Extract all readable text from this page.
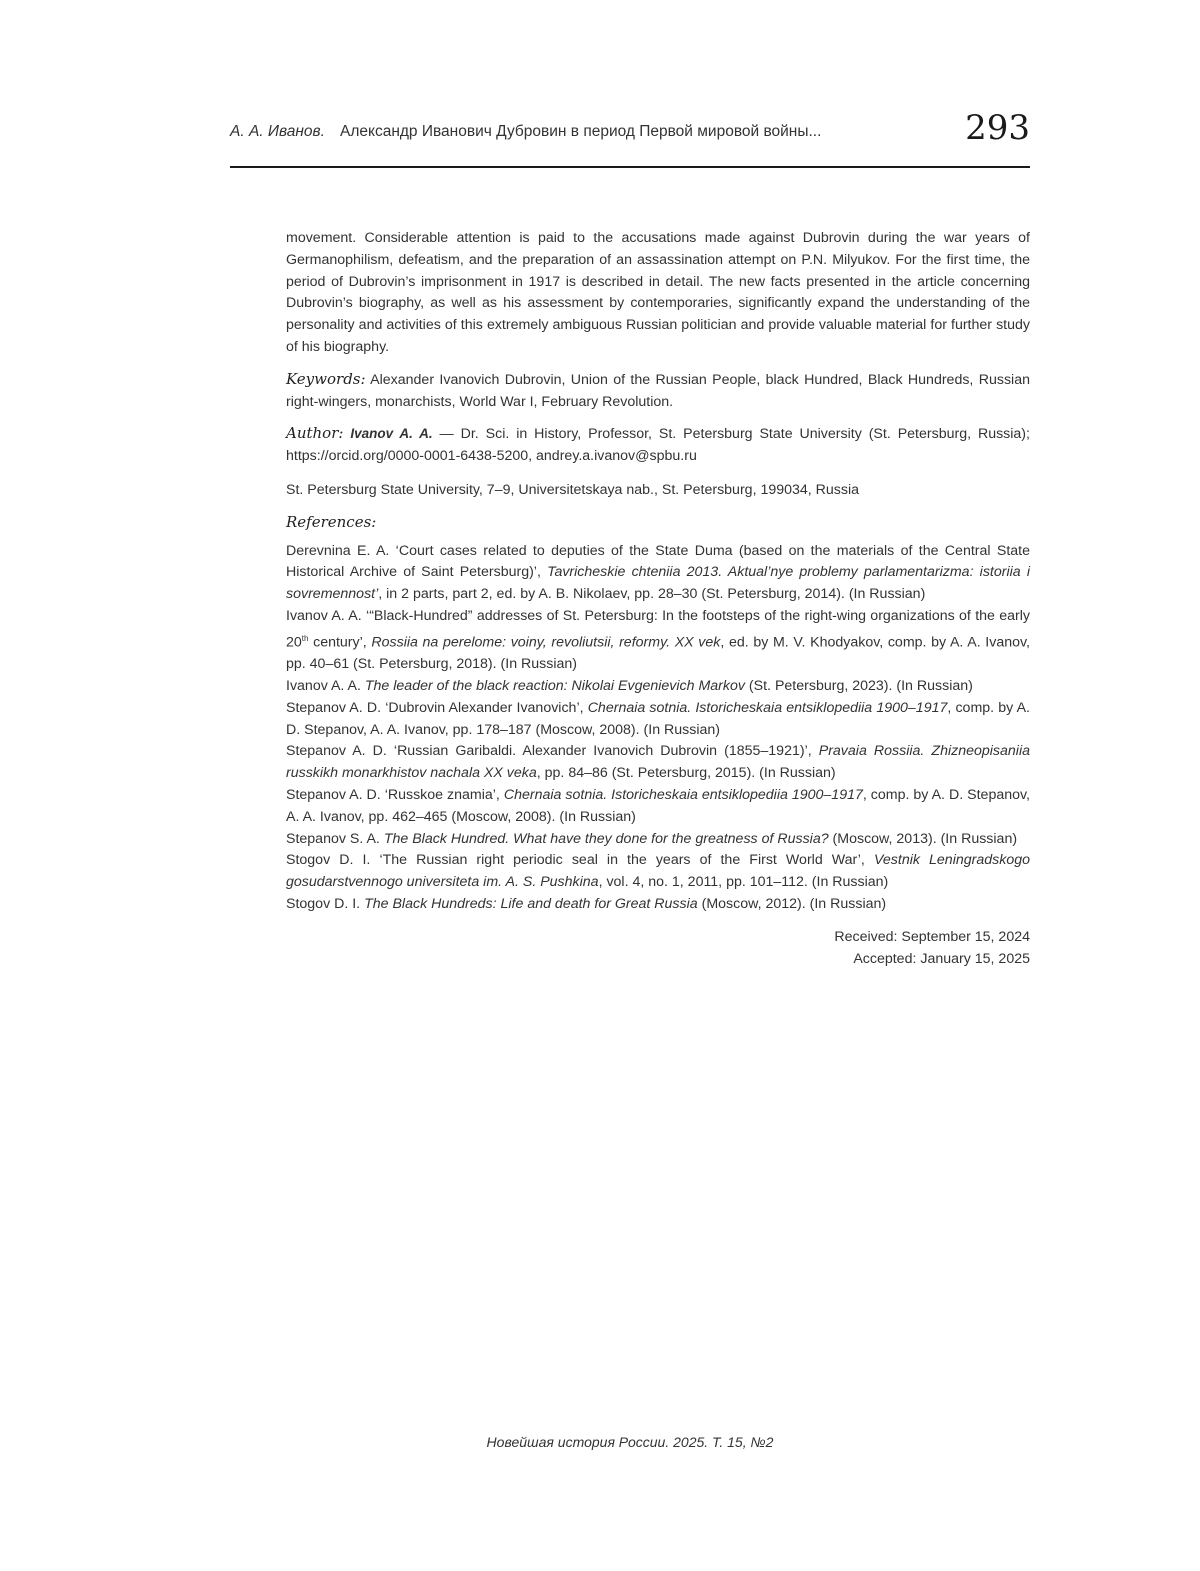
А. А. Иванов. Александр Иванович Дубровин в период Первой мировой войны...	293

movement. Considerable attention is paid to the accusations made against Dubrovin during the war years of Germanophilism, defeatism, and the preparation of an assassination attempt on P.N. Milyukov. For the first time, the period of Dubrovin’s imprisonment in 1917 is described in detail. The new facts presented in the article concerning Dubrovin’s biography, as well as his assessment by contemporaries, significantly expand the understanding of the personality and activities of this extremely ambiguous Russian politician and provide valuable material for further study of his biography.

Keywords: Alexander Ivanovich Dubrovin, Union of the Russian People, black Hundred, Black Hundreds, Russian right-wingers, monarchists, World War I, February Revolution.

Author: Ivanov A. A. — Dr. Sci. in History, Professor, St. Petersburg State University (St. Petersburg, Russia); https://orcid.org/0000-0001-6438-5200, andrey.a.ivanov@spbu.ru

St. Petersburg State University, 7–9, Universitetskaya nab., St. Petersburg, 199034, Russia

References:
Derevnina E. A. ‘Court cases related to deputies of the State Duma (based on the materials of the Central State Historical Archive of Saint Petersburg)’, Tavricheskie chteniia 2013. Aktual’nye problemy parlamentarizma: istoriia i sovremennost’, in 2 parts, part 2, ed. by A. B. Nikolaev, pp. 28–30 (St. Petersburg, 2014). (In Russian)
Ivanov A. A. ‘“Black-Hundred” addresses of St. Petersburg: In the footsteps of the right-wing organizations of the early 20th century’, Rossiia na perelome: voiny, revoliutsii, reformy. XX vek, ed. by M. V. Khodyakov, comp. by A. A. Ivanov, pp. 40–61 (St. Petersburg, 2018). (In Russian)
Ivanov A. A. The leader of the black reaction: Nikolai Evgenievich Markov (St. Petersburg, 2023). (In Russian)
Stepanov A. D. ‘Dubrovin Alexander Ivanovich’, Chernaia sotnia. Istoricheskaia entsiklopediia 1900–1917, comp. by A. D. Stepanov, A. A. Ivanov, pp. 178–187 (Moscow, 2008). (In Russian)
Stepanov A. D. ‘Russian Garibaldi. Alexander Ivanovich Dubrovin (1855–1921)’, Pravaia Rossiia. Zhizneopisaniia russkikh monarkhistov nachala XX veka, pp. 84–86 (St. Petersburg, 2015). (In Russian)
Stepanov A. D. ‘Russkoe znamia’, Chernaia sotnia. Istoricheskaia entsiklopediia 1900–1917, comp. by A. D. Stepanov, A. A. Ivanov, pp. 462–465 (Moscow, 2008). (In Russian)
Stepanov S. A. The Black Hundred. What have they done for the greatness of Russia? (Moscow, 2013). (In Russian)
Stogov D. I. ‘The Russian right periodic seal in the years of the First World War’, Vestnik Leningradskogo gosudarstvennogo universiteta im. A. S. Pushkina, vol. 4, no. 1, 2011, pp. 101–112. (In Russian)
Stogov D. I. The Black Hundreds: Life and death for Great Russia (Moscow, 2012). (In Russian)
Received: September 15, 2024
Accepted: January 15, 2025
Новейшая история России. 2025. Т. 15, №2
